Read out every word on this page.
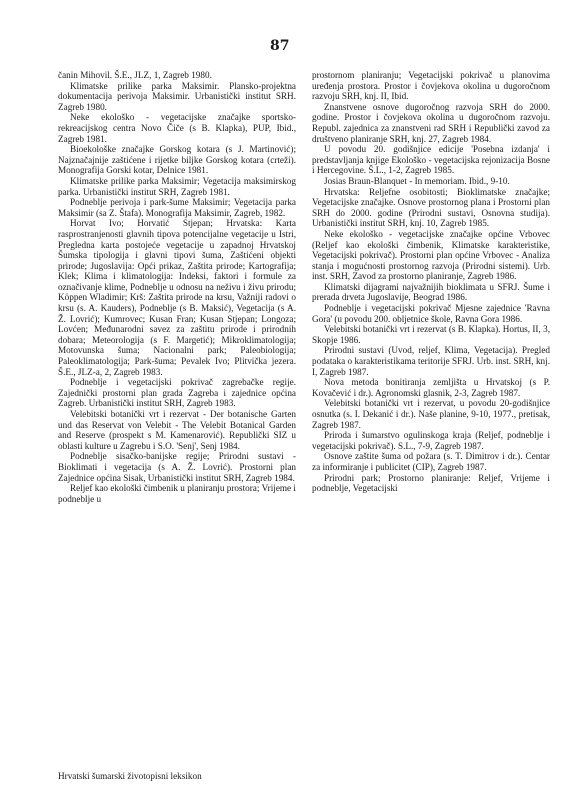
87

čanin Mihovil. Š.E., JLZ, 1, Zagreb 1980.

Klimatske prilike parka Maksimir. Plansko-projektna dokumentacija perivoja Maksimir. Urbanistički institut SRH. Zagreb 1980.

Neke ekološko - vegetacijske značajke sportsko-rekreacijskog centra Novo Čiče (s B. Klapka), PUP, Ibid., Zagreb 1981.

Bioekološke značajke Gorskog kotara (s J. Martinović); Najznačajnije zaštićene i rijetke biljke Gorskog kotara (crteži). Monografija Gorski kotar, Delnice 1981.

Klimatske prilike parka Maksimir; Vegetacija maksimirskog parka. Urbanistički institut SRH, Zagreb 1981.

Podneblje perivoja i park-šume Maksimir; Vegetacija parka Maksimir (sa Z. Štafa). Monografija Maksimir, Zagreb, 1982.

Horvat Ivo; Horvatić Stjepan; Hrvatska: Karta rasprostranjenosti glavnih tipova potencijalne vegetacije u Istri, Pregledna karta postojeće vegetacije u zapadnoj Hrvatskoj Šumska tipologija i glavni tipovi šuma, Zaštićeni objekti prirode; Jugoslavija: Opći prikaz, Zaštita prirode; Kartografija; Klek; Klima i klimatologija: Indeksi, faktori i formule za označivanje klime, Podneblje u odnosu na neživu i živu prirodu; Köppen Wladimir; Krš: Zaštita prirode na krsu, Važniji radovi o krsu (s. A. Kauders), Podneblje (s B. Maksić), Vegetacija (s A. Ž. Lovrić); Kumrovec; Kusan Fran; Kusan Stjepan; Longoza; Lovćen; Međunarodni savez za zaštitu prirode i prirodnih dobara; Meteorologija (s F. Margetić); Mikroklimatologija; Motovunska šuma; Nacionalni park; Paleobiologija; Paleoklimatologija; Park-šuma; Pevalek Ivo; Plitvička jezera. Š.E., JLZ-a, 2, Zagreb 1983.

Podneblje i vegetacijski pokrivač zagrebačke regije. Zajednički prostorni plan grada Zagreba i zajednice općina Zagreb. Urbanistički institut SRH, Zagreb 1983.

Velebitski botanički vrt i rezervat - Der botanische Garten und das Reservat von Velebit - The Velebit Botanical Garden and Reserve (prospekt s M. Kamenarović). Republički SIZ u oblasti kulture u Zagrebu i S.O. 'Senj', Senj 1984.

Podneblje sisačko-banijske regije; Prirodni sustavi - Bioklimati i vegetacija (s A. Ž. Lovrić). Prostorni plan Zajednice općina Sisak, Urbanistički institut SRH, Zagreb 1984.

Reljef kao ekološki čimbenik u planiranju prostora; Vrijeme i podneblje u

prostornom planiranju; Vegetacijski pokrivač u planovima uređenja prostora. Prostor i čovjekova okolina u dugoročnom razvoju SRH, knj. II, Ibid.

Znanstvene osnove dugoročnog razvoja SRH do 2000. godine. Prostor i čovjekova okolina u dugoročnom razvoju. Republ. zajednica za znanstveni rad SRH i Republički zavod za društveno planiranje SRH, knj. 27, Zagreb 1984.

U povodu 20. godišnjice edicije 'Posebna izdanja' i predstavljanja knjige Ekološko - vegetacijska rejonizacija Bosne i Hercegovine. Š.L., 1-2, Zagreb 1985.

Josias Braun-Blanquet - In memoriam. Ibid., 9-10.

Hrvatska: Reljefne osobitosti; Bioklimatske značajke; Vegetacijske značajke. Osnove prostornog plana i Prostorni plan SRH do 2000. godine (Prirodni sustavi, Osnovna studija). Urbanistički institut SRH, knj. 10, Zagreb 1985.

Neke ekološko - vegetacijske značajke općine Vrbovec (Reljef kao ekološki čimbenik, Klimatske karakteristike, Vegetacijski pokrivač). Prostorni plan općine Vrbovec - Analiza stanja i mogućnosti prostornog razvoja (Prirodni sistemi). Urb. inst. SRH, Zavod za prostorno planiranje, Zagreb 1986.

Klimatski dijagrami najvažnijih bioklimata u SFRJ. Šume i prerada drveta Jugoslavije, Beograd 1986.

Podneblje i vegetacijski pokrivač Mjesne zajednice 'Ravna Gora' (u povodu 200. obljetnice škole, Ravna Gora 1986.

Velebitski botanički vrt i rezervat (s B. Klapka). Hortus, II, 3, Skopje 1986.

Prirodni sustavi (Uvod, reljef, Klima, Vegetacija). Pregled podataka o karakteristikama teritorije SFRJ. Urb. inst. SRH, knj. I, Zagreb 1987.

Nova metoda bonitiranja zemljišta u Hrvatskoj (s P. Kovačević i dr.). Agronomski glasnik, 2-3, Zagreb 1987.

Velebitski botanički vrt i rezervat, u povodu 20-godišnjice osnutka (s. I. Dekanić i dr.). Naše planine, 9-10, 1977., pretisak, Zagreb 1987.

Priroda i šumarstvo ogulinskoga kraja (Reljef, podneblje i vegetacijski pokrivač). S.L., 7-9, Zagreb 1987.

Osnove zaštite šuma od požara (s. T. Dimitrov i dr.). Centar za informiranje i publicitet (CIP), Zagreb 1987.

Prirodni park; Prostorno planiranje: Reljef, Vrijeme i podneblje, Vegetacijski

Hrvatski šumarski životopisni leksikon
